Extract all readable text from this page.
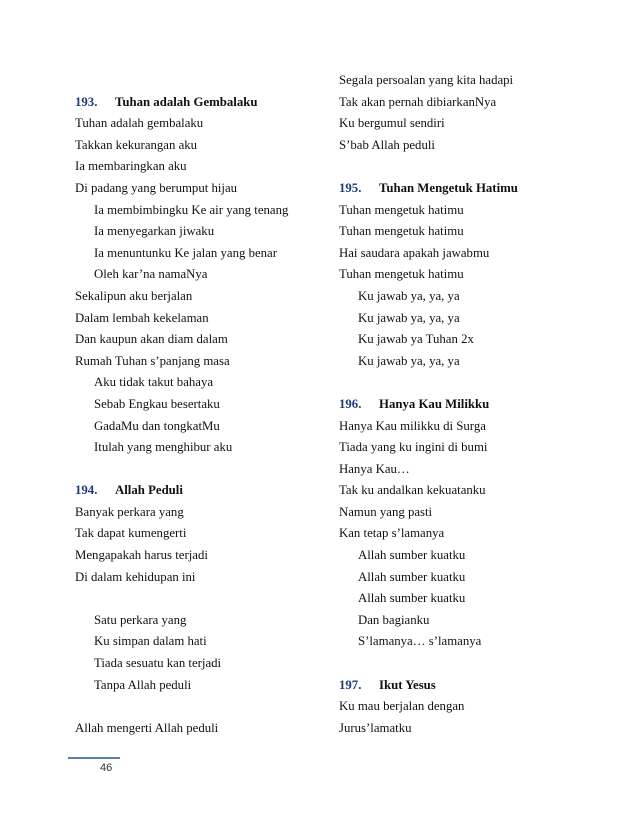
193. Tuhan adalah Gembalaku
Tuhan adalah gembalaku
Takkan kekurangan aku
Ia membaringkan aku
Di padang yang berumput hijau
Ia membimbingku Ke air yang tenang
Ia menyegarkan jiwaku
Ia menuntunku Ke jalan yang benar
Oleh kar’na namaNya
Sekalipun aku berjalan
Dalam lembah kekelaman
Dan kaupun akan diam dalam
Rumah Tuhan s’panjang masa
Aku tidak takut bahaya
Sebab Engkau besertaku
GadaMu dan tongkatMu
Itulah yang menghibur aku
194. Allah Peduli
Banyak perkara yang
Tak dapat kumengerti
Mengapakah harus terjadi
Di dalam kehidupan ini
Satu perkara yang
Ku simpan dalam hati
Tiada sesuatu kan terjadi
Tanpa Allah peduli
Allah mengerti Allah peduli
Segala persoalan yang kita hadapi
Tak akan pernah dibiarkanNya
Ku bergumul sendiri
S’bab Allah peduli
195. Tuhan Mengetuk Hatimu
Tuhan mengetuk hatimu
Tuhan mengetuk hatimu
Hai saudara apakah jawabmu
Tuhan mengetuk hatimu
Ku jawab ya, ya, ya
Ku jawab ya, ya, ya
Ku jawab ya Tuhan 2x
Ku jawab ya, ya, ya
196. Hanya Kau Milikku
Hanya Kau milikku di Surga
Tiada yang ku ingini di bumi
Hanya Kau…
Tak ku andalkan kekuatanku
Namun yang pasti
Kan tetap s’lamanya
Allah sumber kuatku
Allah sumber kuatku
Allah sumber kuatku
Dan bagianku
S’lamanya… s’lamanya
197. Ikut Yesus
Ku mau berjalan dengan
Jurus’lamatku
46
